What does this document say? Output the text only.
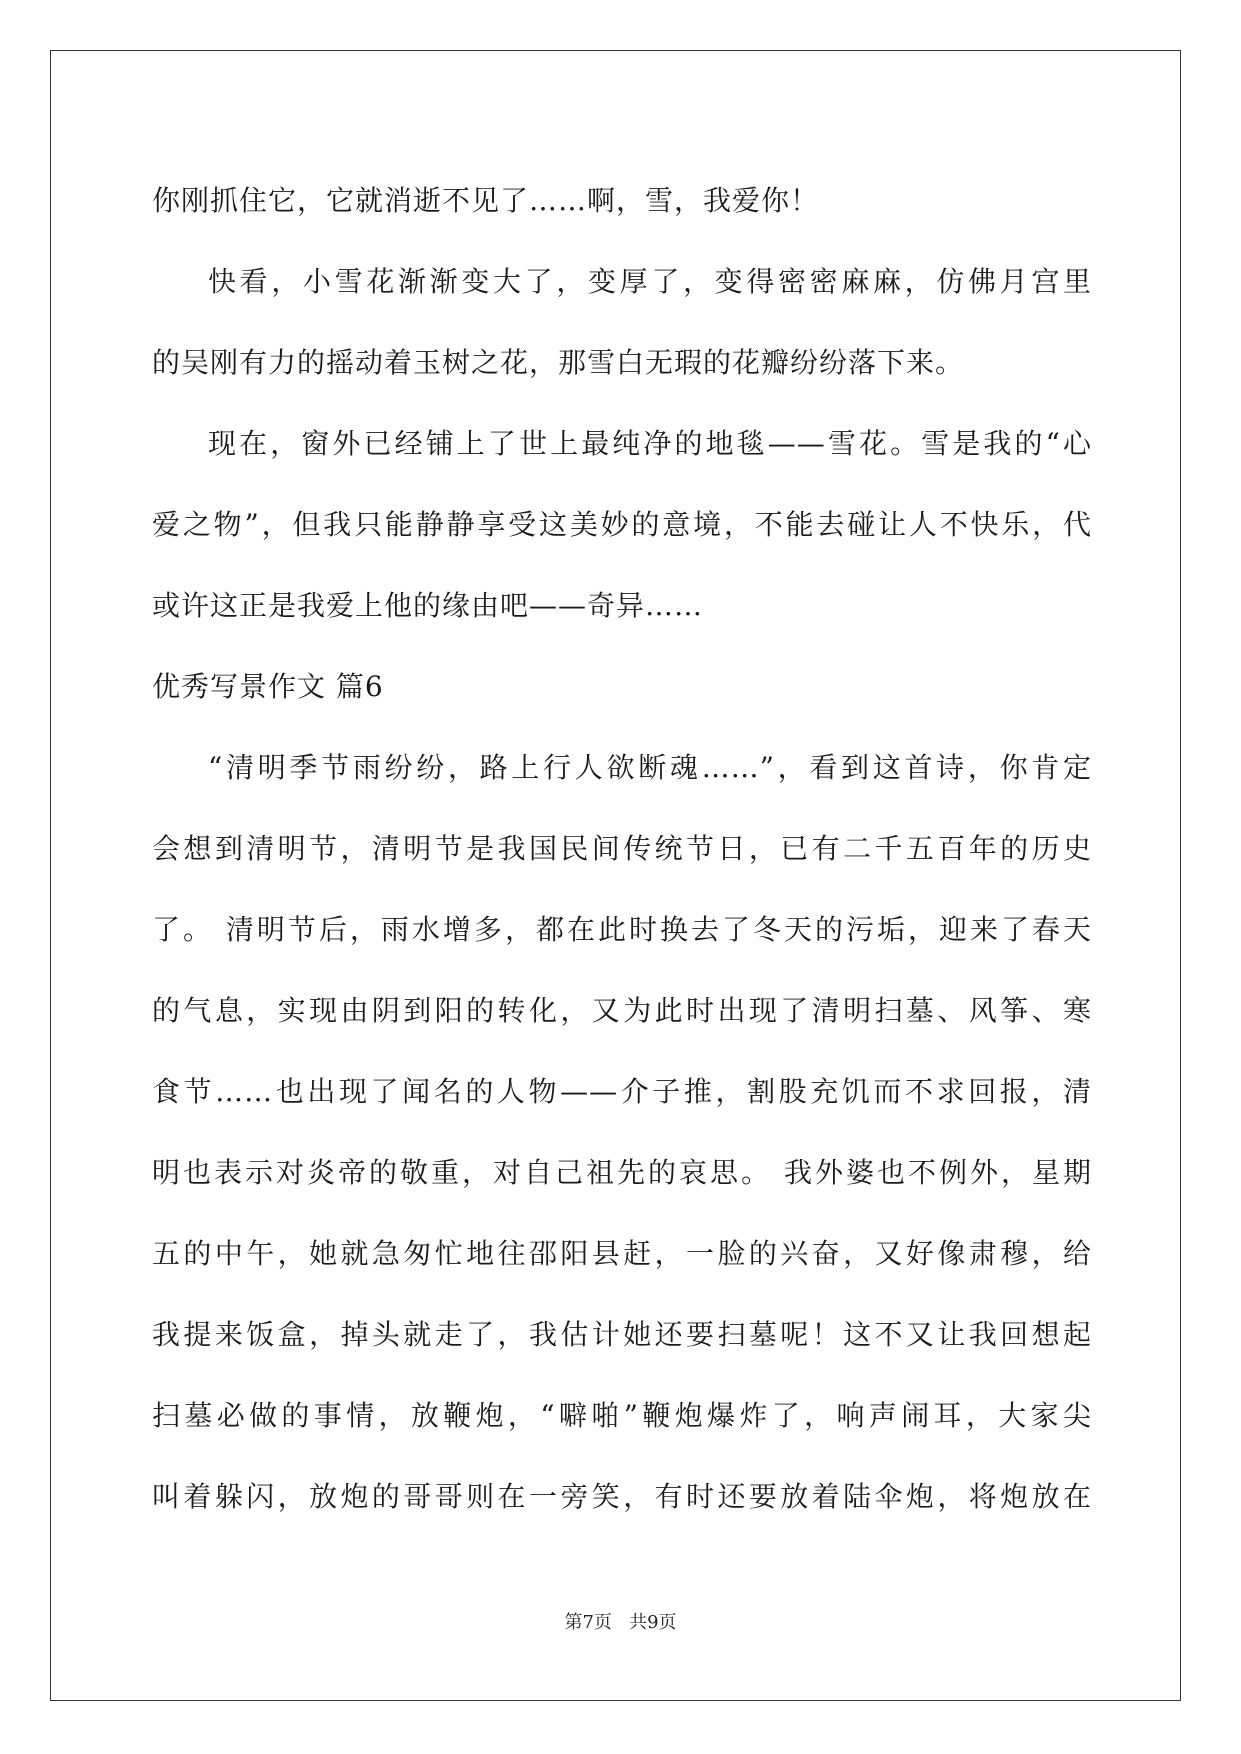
你刚抓住它，它就消逝不见了……啊，雪，我爱你！
快看，小雪花渐渐变大了，变厚了，变得密密麻麻，仿佛月宫里
的吴刚有力的摇动着玉树之花，那雪白无瑕的花瓣纷纷落下来。
现在，窗外已经铺上了世上最纯净的地毯——雪花。雪是我的“心
爱之物”，但我只能静静享受这美妙的意境，不能去碰让人不快乐，代
或许这正是我爱上他的缘由吧——奇异……
优秀写景作文 篇6
“清明季节雨纷纷，路上行人欲断魂……”，看到这首诗，你肯定
会想到清明节，清明节是我国民间传统节日，已有二千五百年的历史
了。 清明节后，雨水增多，都在此时换去了冬天的污垢，迎来了春天
的气息，实现由阴到阳的转化，又为此时出现了清明扫墓、风筝、寒
食节……也出现了闻名的人物——介子推，割股充饥而不求回报，清
明也表示对炎帝的敬重，对自己祖先的哀思。 我外婆也不例外，星期
五的中午，她就急匆忙地往邵阳县赶，一脸的兴奋，又好像肃穆，给
我提来饭盒，掉头就走了，我估计她还要扫墓呢！这不又让我回想起
扫墓必做的事情，放鞭炮，“噼啪”鞭炮爆炸了，响声闹耳，大家尖
叫着躲闪，放炮的哥哥则在一旁笑，有时还要放着陆伞炮，将炮放在
第7页 共9页
